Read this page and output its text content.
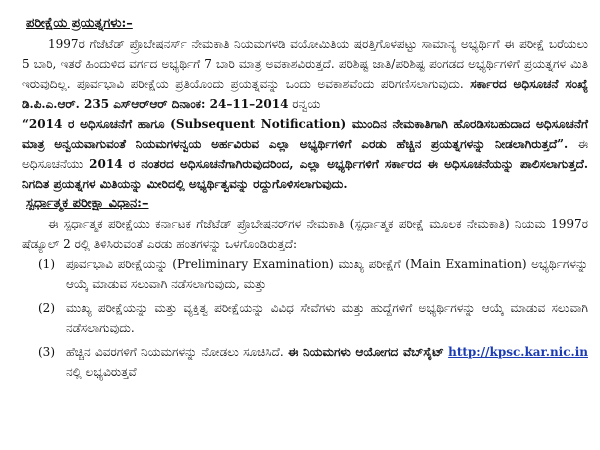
ಪರೀಕ್ಷೆಯ ಪ್ರಯತ್ನಗಳು:–

1997ರ ಗೆಜೆಟೆಡ್ ಪ್ರೊಬೇಷನರ್ಸ್ ನೇಮಕಾತಿ ನಿಯಮಗಳಡಿ ವಯೋಮಿತಿಯ ಷರತ್ತಿಗೊಳಪಟ್ಟು ಸಾಮಾನ್ಯ ಅಭ್ಯರ್ಥಿಗೆ ಈ ಪರೀಕ್ಷೆ ಬರೆಯಲು 5 ಬಾರಿ, ಇತರೆ ಹಿಂದುಳಿದ ವರ್ಗದ ಅಭ್ಯರ್ಥಿಗೆ 7 ಬಾರಿ ಮಾತ್ರ ಅವಕಾಶವಿರುತ್ತದೆ. ಪರಿಶಿಷ್ಟ ಜಾತಿ/ಪರಿಶಿಷ್ಟ ಪಂಗಡದ ಅಭ್ಯರ್ಥಿಗಳಿಗೆ ಪ್ರಯತ್ನಗಳ ಮಿತಿ ಇರುವುದಿಲ್ಲ. ಪೂರ್ವಭಾವಿ ಪರೀಕ್ಷೆಯ ಪ್ರತಿಯೊಂದು ಪ್ರಯತ್ನವನ್ನು ಒಂದು ಅವಕಾಶವೆಂದು ಪರಿಗಣಿಸಲಾಗುವುದು. ಸರ್ಕಾರದ ಅಧಿಸೂಚನೆ ಸಂಖ್ಯೆ ಡಿ.ಪಿ.ಎ.ಆರ್. 235 ಎಸ್‌ಆರ್‌ಆರ್ ದಿನಾಂಕ: 24–11–2014 ರನ್ವಯ

“2014 ರ ಅಧಿಸೂಚನೆಗೆ ಹಾಗೂ (Subsequent Notification) ಮುಂದಿನ ನೇಮಕಾತಿಗಾಗಿ ಹೊರಡಿಸಬಹುದಾದ ಅಧಿಸೂಚನೆಗೆ ಮಾತ್ರ ಅನ್ವಯವಾಗುವಂತೆ ನಿಯಮಗಳನ್ವಯ ಅರ್ಹವಿರುವ ಎಲ್ಲಾ ಅಭ್ಯರ್ಥಿಗಳಿಗೆ ಎರಡು ಹೆಚ್ಚಿನ ಪ್ರಯತ್ನಗಳನ್ನು ನೀಡಲಾಗಿರುತ್ತದೆ”. ಈ ಅಧಿಸೂಚನೆಯು 2014 ರ ನಂತರದ ಅಧಿಸೂಚನೆಗಾಗಿರುವುದರಿಂದ, ಎಲ್ಲಾ ಅಭ್ಯರ್ಥಿಗಳಿಗೆ ಸರ್ಕಾರದ ಈ ಅಧಿಸೂಚನೆಯನ್ನು ಪಾಲಿಸಲಾಗುತ್ತದೆ. ನಿಗದಿತ ಪ್ರಯತ್ನಗಳ ಮಿತಿಯನ್ನು ಮೀರಿದಲ್ಲಿ ಅಭ್ಯರ್ಥಿತ್ವವನ್ನು ರದ್ದುಗೊಳಿಸಲಾಗುವುದು.

ಸ್ಪರ್ಧಾತ್ಮಕ ಪರೀಕ್ಷಾ ವಿಧಾನ:–

ಈ ಸ್ಪರ್ಧಾತ್ಮಕ ಪರೀಕ್ಷೆಯು ಕರ್ನಾಟಕ ಗೆಜೆಟೆಡ್ ಪ್ರೊಬೇಷನರ್‌ಗಳ ನೇಮಕಾತಿ (ಸ್ಪರ್ಧಾತ್ಮಕ ಪರೀಕ್ಷೆ ಮೂಲಕ ನೇಮಕಾತಿ) ನಿಯಮ 1997ರ ಷೆಡ್ಯೂಲ್ 2 ರಲ್ಲಿ ತಿಳಿಸಿರುವಂತೆ ಎರಡು ಹಂತಗಳನ್ನು ಒಳಗೊಂಡಿರುತ್ತದೆ:

(1) ಪೂರ್ವಭಾವಿ ಪರೀಕ್ಷೆಯನ್ನು (Preliminary Examination) ಮುಖ್ಯ ಪರೀಕ್ಷೆಗೆ (Main Examination) ಅಭ್ಯರ್ಥಿಗಳನ್ನು ಆಯ್ಕೆ ಮಾಡುವ ಸಲುವಾಗಿ ನಡೆಸಲಾಗುವುದು, ಮತ್ತು
(2) ಮುಖ್ಯ ಪರೀಕ್ಷೆಯನ್ನು ಮತ್ತು ವ್ಯಕ್ತಿತ್ವ ಪರೀಕ್ಷೆಯನ್ನು ವಿವಿಧ ಸೇವೆಗಳು ಮತ್ತು ಹುದ್ದೆಗಳಿಗೆ ಅಭ್ಯರ್ಥಿಗಳನ್ನು ಆಯ್ಕೆ ಮಾಡುವ ಸಲುವಾಗಿ ನಡೆಸಲಾಗುವುದು.
(3) ಹೆಚ್ಚಿನ ವಿವರಗಳಿಗೆ ನಿಯಮಗಳನ್ನು ನೋಡಲು ಸೂಚಿಸಿದೆ. ಈ ನಿಯಮಗಳು ಆಯೋಗದ ವೆಬ್‌ಸೈಟ್ http://kpsc.kar.nic.in ನಲ್ಲಿ ಲಭ್ಯವಿರುತ್ತವೆ
